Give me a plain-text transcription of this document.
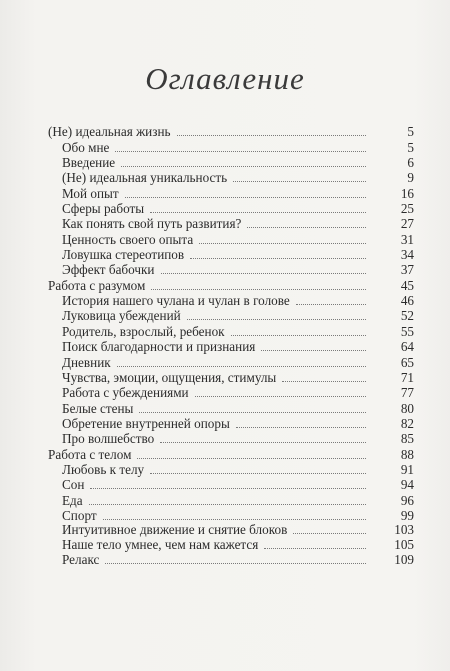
Оглавление
(Не) идеальная жизнь	5
Обо мне	5
Введение	6
(Не) идеальная уникальность	9
Мой опыт	16
Сферы работы	25
Как понять свой путь развития?	27
Ценность своего опыта	31
Ловушка стереотипов	34
Эффект бабочки	37
Работа с разумом	45
История нашего чулана и чулан в голове	46
Луковица убеждений	52
Родитель, взрослый, ребенок	55
Поиск благодарности и признания	64
Дневник	65
Чувства, эмоции, ощущения, стимулы	71
Работа с убеждениями	77
Белые стены	80
Обретение внутренней опоры	82
Про волшебство	85
Работа с телом	88
Любовь к телу	91
Сон	94
Еда	96
Спорт	99
Интуитивное движение и снятие блоков	103
Наше тело умнее, чем нам кажется	105
Релакс	109
